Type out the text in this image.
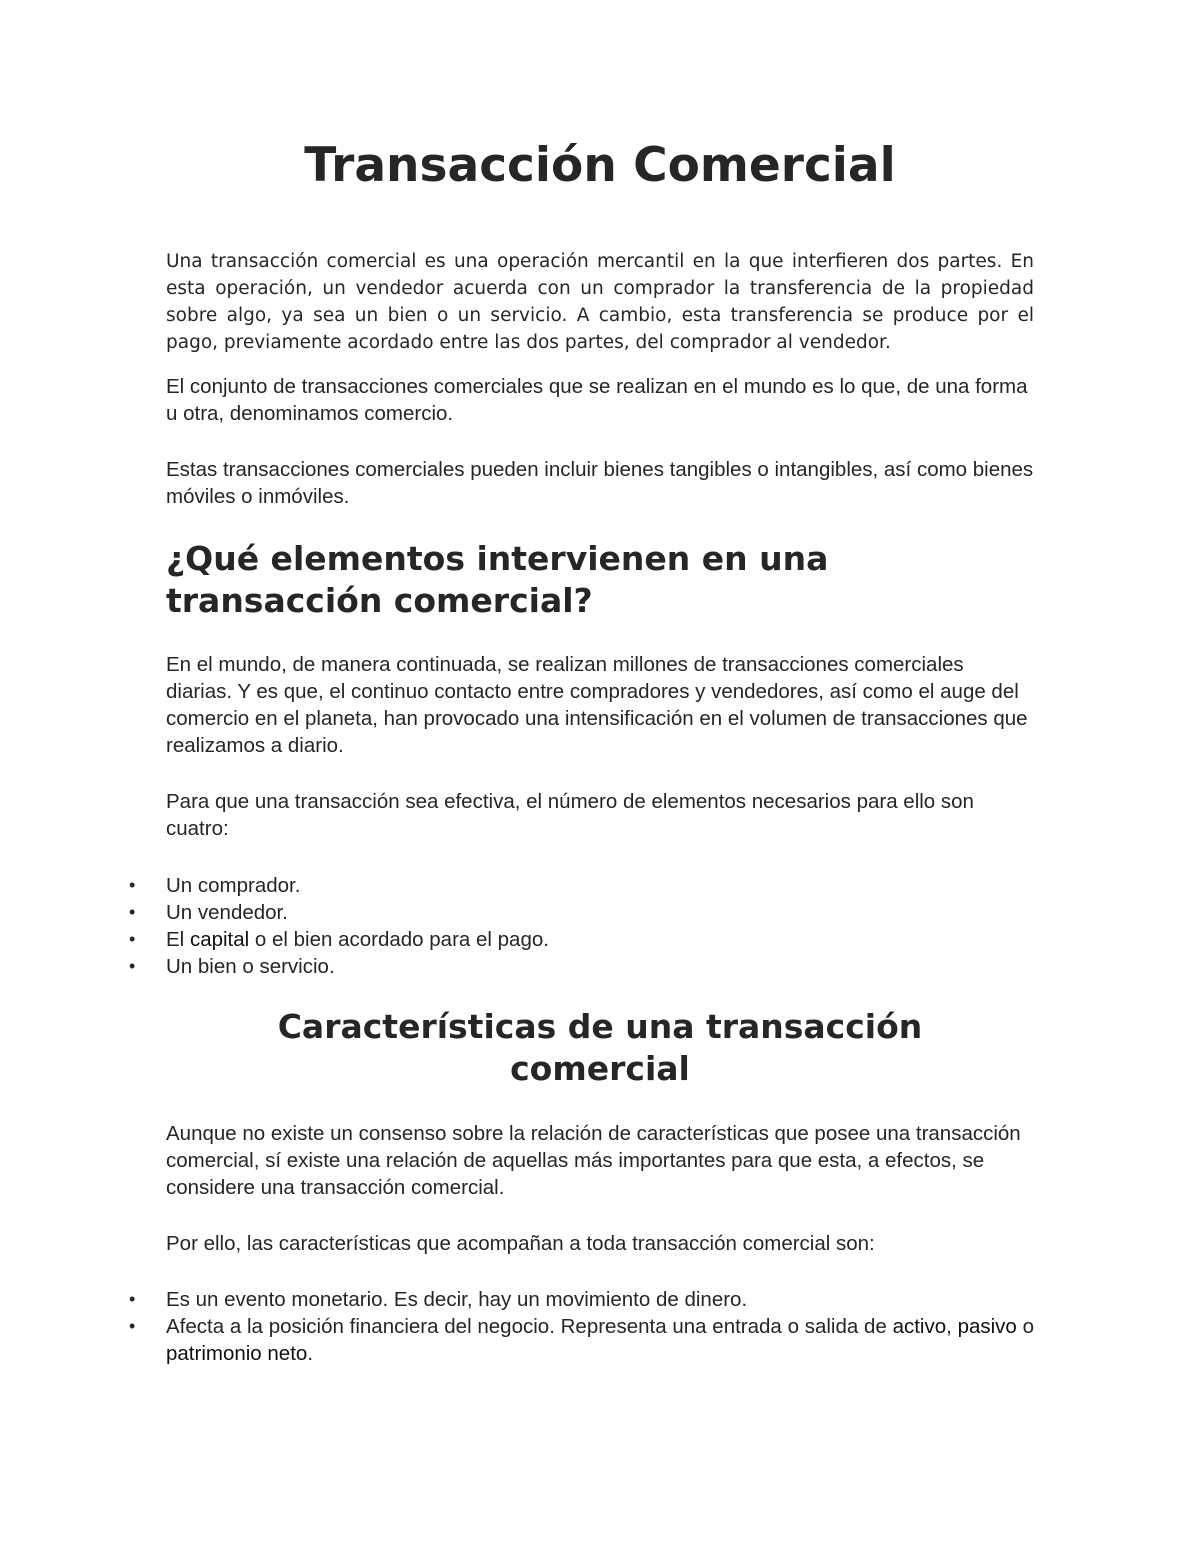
Transacción Comercial

Una transacción comercial es una operación mercantil en la que interfieren dos partes. En esta operación, un vendedor acuerda con un comprador la transferencia de la propiedad sobre algo, ya sea un bien o un servicio. A cambio, esta transferencia se produce por el pago, previamente acordado entre las dos partes, del comprador al vendedor.

El conjunto de transacciones comerciales que se realizan en el mundo es lo que, de una forma u otra, denominamos comercio.

Estas transacciones comerciales pueden incluir bienes tangibles o intangibles, así como bienes móviles o inmóviles.

¿Qué elementos intervienen en una
transacción comercial?

En el mundo, de manera continuada, se realizan millones de transacciones comerciales diarias. Y es que, el continuo contacto entre compradores y vendedores, así como el auge del comercio en el planeta, han provocado una intensificación en el volumen de transacciones que realizamos a diario.

Para que una transacción sea efectiva, el número de elementos necesarios para ello son cuatro:

• Un comprador.
• Un vendedor.
• El capital o el bien acordado para el pago.
• Un bien o servicio.
Características de una transacción
comercial

Aunque no existe un consenso sobre la relación de características que posee una transacción comercial, sí existe una relación de aquellas más importantes para que esta, a efectos, se considere una transacción comercial.

Por ello, las características que acompañan a toda transacción comercial son:

• Es un evento monetario. Es decir, hay un movimiento de dinero.
• Afecta a la posición financiera del negocio. Representa una entrada o salida de activo, pasivo o patrimonio neto.
